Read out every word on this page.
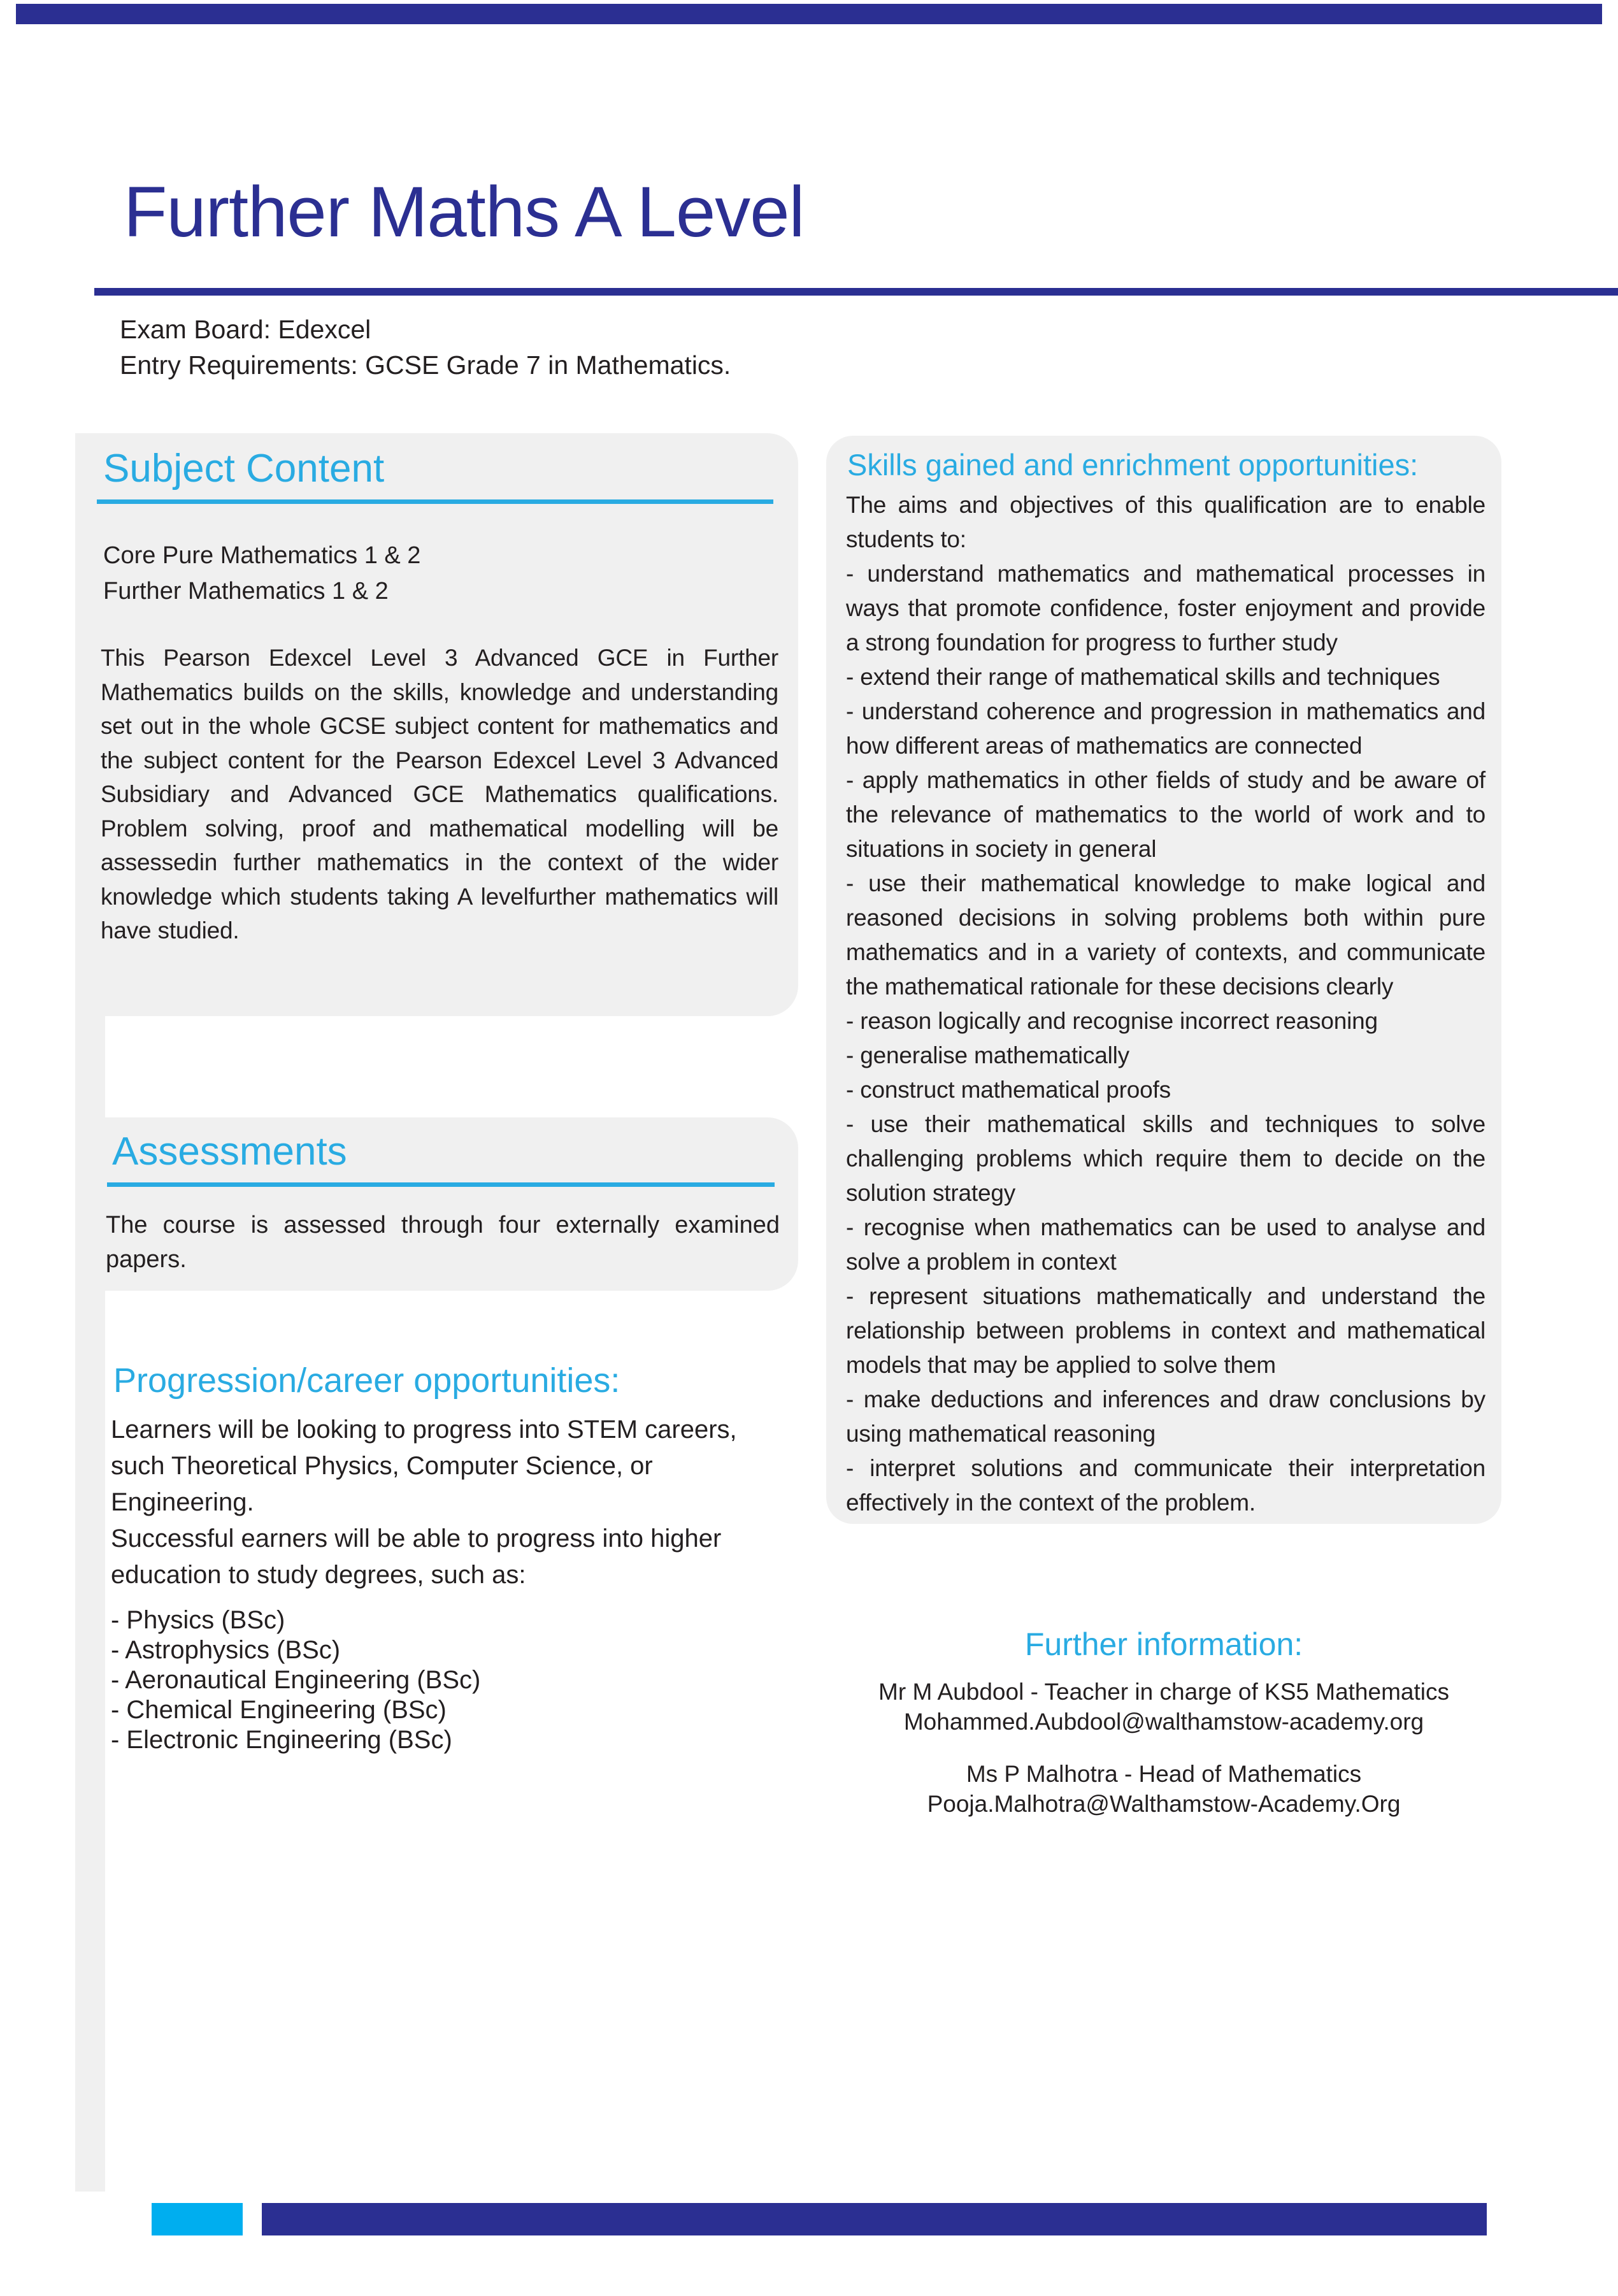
Further Maths A Level
Exam Board: Edexcel
Entry Requirements: GCSE Grade 7 in Mathematics.
Subject Content
Core Pure Mathematics 1 & 2
Further Mathematics 1 & 2
This Pearson Edexcel Level 3 Advanced GCE in Further Mathematics builds on the skills, knowledge and understanding set out in the whole GCSE subject content for mathematics and the subject content for the Pearson Edexcel Level 3 Advanced Subsidiary and Advanced GCE Mathematics qualifications. Problem solving, proof and mathematical modelling will be assessedin further mathematics in the context of the wider knowledge which students taking A levelfurther mathematics will have studied.
Assessments
The course is assessed through four externally examined papers.
Progression/career opportunities:
Learners will be looking to progress into STEM careers,
such Theoretical Physics, Computer Science, or
Engineering.
Successful earners will be able to progress into higher
education to study degrees, such as:
- Physics (BSc)
- Astrophysics (BSc)
- Aeronautical Engineering (BSc)
- Chemical Engineering (BSc)
- Electronic Engineering (BSc)
Skills gained and enrichment opportunities:

The aims and objectives of this qualification are to enable students to:

- understand mathematics and mathematical processes in ways that promote confidence, foster enjoyment and provide a strong foundation for progress to further study

- extend their range of mathematical skills and techniques

- understand coherence and progression in mathematics and how different areas of mathematics are connected

- apply mathematics in other fields of study and be aware of the relevance of mathematics to the world of work and to situations in society in general

- use their mathematical knowledge to make logical and reasoned decisions in solving problems both within pure mathematics and in a variety of contexts, and communicate the mathematical rationale for these decisions clearly

- reason logically and recognise incorrect reasoning

- generalise mathematically

- construct mathematical proofs

- use their mathematical skills and techniques to solve challenging problems which require them to decide on the solution strategy

- recognise when mathematics can be used to analyse and solve a problem in context

- represent situations mathematically and understand the relationship between problems in context and mathematical models that may be applied to solve them

- make deductions and inferences and draw conclusions by using mathematical reasoning

- interpret solutions and communicate their interpretation effectively in the context of the problem.

Further information:
Mr M Aubdool - Teacher in charge of KS5 Mathematics
Mohammed.Aubdool@walthamstow-academy.org
Ms P Malhotra - Head of Mathematics
Pooja.Malhotra@Walthamstow-Academy.Org
